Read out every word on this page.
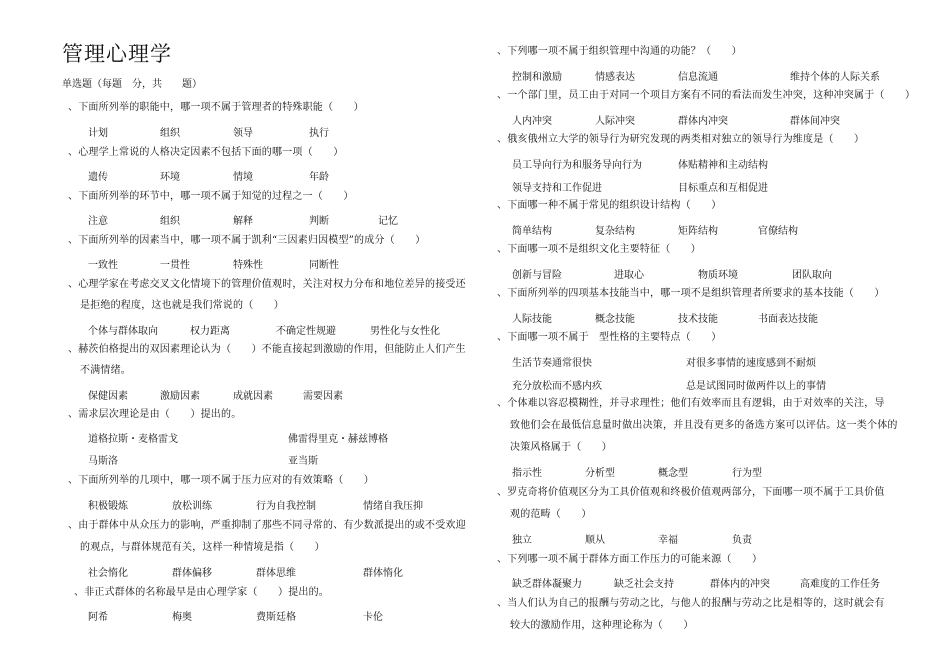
管理心理学
单选题（每题　分，共　　题）
、下面所列举的职能中，哪一项不属于管理者的特殊职能（　　）
计划	组织	领导	执行
、心理学上常说的人格决定因素不包括下面的哪一项（　　）
遗传	环境	情境	年龄
、下面所列举的环节中，哪一项不属于知觉的过程之一（　　）
注意	组织	解释	判断	记忆
、下面所列举的因素当中，哪一项不属于凯利“三因素归因模型”的成分（　　）
一致性	一贯性	特殊性	同断性
、心理学家在考虑交叉文化情境下的管理价值观时，关注对权力分布和地位差异的接受还
是拒绝的程度，这也就是我们常说的（　　）
个体与群体取向	权力距离	不确定性规避	男性化与女性化
、赫茨伯格提出的双因素理论认为（　　）不能直接起到激励的作用，但能防止人们产生
不满情绪。
保健因素	激励因素	成就因素	需要因素
、需求层次理论是由（　　）提出的。
道格拉斯・麦格雷戈	佛雷得里克・赫兹博格
马斯洛	亚当斯
、下面所列举的几项中，哪一项不属于压力应对的有效策略（　　）
积极锻炼	放松训练	行为自我控制	情绪自我压抑
、由于群体中从众压力的影响，严重抑制了那些不同寻常的、有少数派提出的或不受欢迎
的观点，与群体规范有关，这样一种情境是指（　　）
社会惰化	群体偏移	群体思维	群体惰化
、非正式群体的名称最早是由心理学家（　　）提出的。
阿希	梅奥	费斯廷格	卡伦
、下列哪一项不属于组织管理中沟通的功能？（　　）
控制和激励	情感表达	信息流通	维持个体的人际关系
、一个部门里，员工由于对同一个项目方案有不同的看法而发生冲突，这种冲突属于（　　）
人内冲突	人际冲突	群体内冲突	群体间冲突
、俄亥俄州立大学的领导行为研究发现的两类相对独立的领导行为维度是（　　）
员工导向行为和服务导向行为	体贴精神和主动结构
领导支持和工作促进	目标重点和互相促进
、下面哪一种不属于常见的组织设计结构（　　）
简单结构	复杂结构	矩阵结构	官僚结构
、下面哪一项不是组织文化主要特征（　　）
创新与冒险	进取心	物质环境	团队取向
、下面所列举的四项基本技能当中，哪一项不是组织管理者所要求的基本技能（　　）
人际技能	概念技能	技术技能	书面表达技能
、下面哪一项不属于　型性格的主要特点（　　）
生活节奏通常很快	对很多事情的速度感到不耐烦
充分放松而不感内疚	总是试图同时做两件以上的事情
、个体难以容忍模糊性，并寻求理性；他们有效率而且有逻辑，由于对效率的关注，导
致他们会在最低信息量时做出决策，并且没有更多的备选方案可以评估。这一类个体的
决策风格属于（　　）
指示性	分析型	概念型	行为型
、罗克奇将价值观区分为工具价值观和终极价值观两部分，下面哪一项不属于工具价值
观的范畴（　　）
独立	顺从	幸福	负责
、下列哪一项不属于群体方面工作压力的可能来源（　　）
缺乏群体凝聚力	缺乏社会支持	群体内的冲突	高难度的工作任务
、当人们认为自己的报酬与劳动之比，与他人的报酬与劳动之比是相等的，这时就会有
较大的激励作用，这种理论称为（　　）
